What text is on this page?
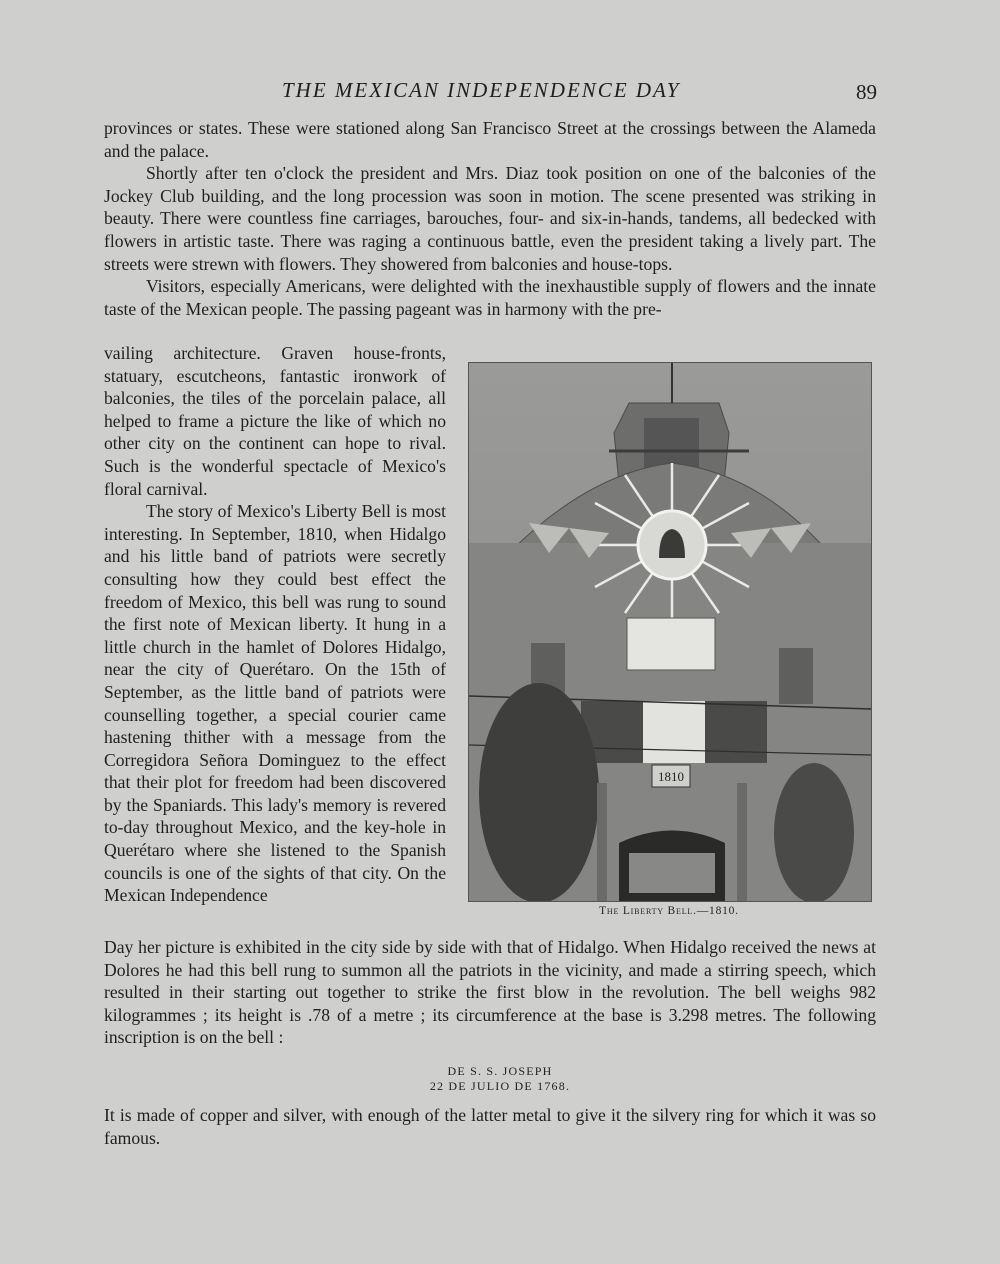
THE MEXICAN INDEPENDENCE DAY	89

provinces or states. These were stationed along San Francisco Street at the crossings between the Alameda and the palace.

Shortly after ten o'clock the president and Mrs. Diaz took position on one of the balconies of the Jockey Club building, and the long procession was soon in motion. The scene presented was striking in beauty. There were countless fine carriages, barouches, four- and six-in-hands, tandems, all bedecked with flowers in artistic taste. There was raging a continuous battle, even the president taking a lively part. The streets were strewn with flowers. They showered from balconies and house-tops.

Visitors, especially Americans, were delighted with the inexhaustible supply of flowers and the innate taste of the Mexican people. The passing pageant was in harmony with the pre-

vailing architecture. Graven house-fronts, statuary, escutcheons, fantastic ironwork of balconies, the tiles of the porcelain palace, all helped to frame a picture the like of which no other city on the continent can hope to rival. Such is the wonderful spectacle of Mexico's floral carnival.

The story of Mexico's Liberty Bell is most interesting. In September, 1810, when Hidalgo and his little band of patriots were secretly consulting how they could best effect the freedom of Mexico, this bell was rung to sound the first note of Mexican liberty. It hung in a little church in the hamlet of Dolores Hidalgo, near the city of Querétaro. On the 15th of September, as the little band of patriots were counselling together, a special courier came hastening thither with a message from the Corregidora Señora Dominguez to the effect that their plot for freedom had been discovered by the Spaniards. This lady's memory is revered to-day throughout Mexico, and the key-hole in Querétaro where she listened to the Spanish councils is one of the sights of that city. On the Mexican Independence

1810
The Liberty Bell.—1810.

Day her picture is exhibited in the city side by side with that of Hidalgo. When Hidalgo received the news at Dolores he had this bell rung to summon all the patriots in the vicinity, and made a stirring speech, which resulted in their starting out together to strike the first blow in the revolution. The bell weighs 982 kilogrammes ; its height is .78 of a metre ; its circumference at the base is 3.298 metres. The following inscription is on the bell :

DE S. S. JOSEPH
22 DE JULIO DE 1768.

It is made of copper and silver, with enough of the latter metal to give it the silvery ring for which it was so famous.
